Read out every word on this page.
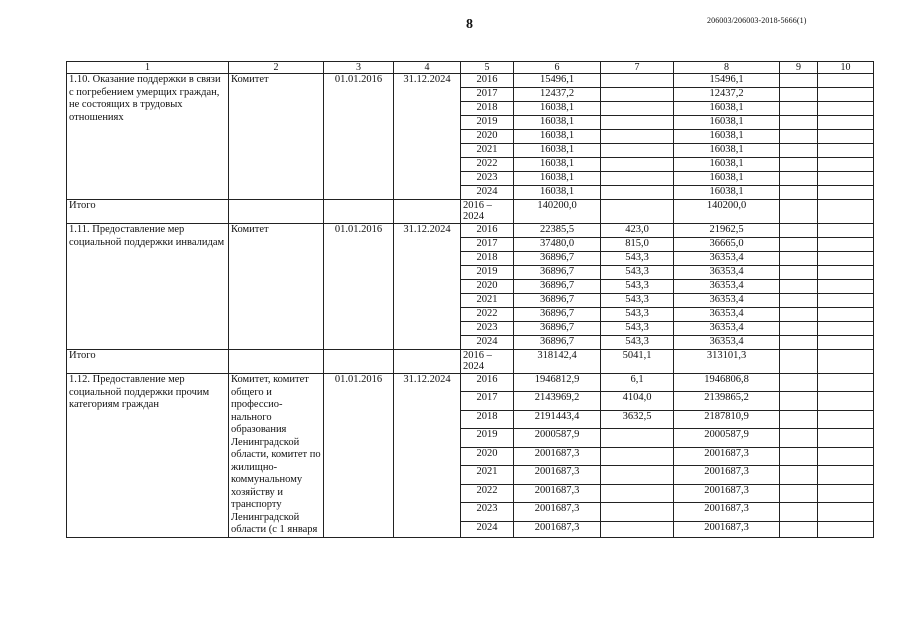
8	206003/206003-2018-5666(1)
1	2	3	4	5	6	7	8	9	10
1.10. Оказание поддержки в связи с погребением умерщих граждан, не состоящих в трудовых отношениях	Комитет	01.01.2016	31.12.2024	2016	15496,1		15496,1		
				2017	12437,2		12437,2		
				2018	16038,1		16038,1		
				2019	16038,1		16038,1		
				2020	16038,1		16038,1		
				2021	16038,1		16038,1		
				2022	16038,1		16038,1		
				2023	16038,1		16038,1		
				2024	16038,1		16038,1		
Итого				2016 – 2024	140200,0		140200,0		
1.11. Предоставление мер социальной поддержки инвалидам	Комитет	01.01.2016	31.12.2024	2016	22385,5	423,0	21962,5		
				2017	37480,0	815,0	36665,0		
				2018	36896,7	543,3	36353,4		
				2019	36896,7	543,3	36353,4		
				2020	36896,7	543,3	36353,4		
				2021	36896,7	543,3	36353,4		
				2022	36896,7	543,3	36353,4		
				2023	36896,7	543,3	36353,4		
				2024	36896,7	543,3	36353,4		
Итого				2016 – 2024	318142,4	5041,1	313101,3		
1.12. Предоставление мер социальной поддержки прочим категориям граждан	Комитет, комитет общего и профессио- нального образования Ленинградской области, комитет по жилищно- коммунальному хозяйству и транспорту Ленинградской области (с 1 января	01.01.2016	31.12.2024	2016	1946812,9	6,1	1946806,8		
				2017	2143969,2	4104,0	2139865,2		
				2018	2191443,4	3632,5	2187810,9		
				2019	2000587,9		2000587,9		
				2020	2001687,3		2001687,3		
				2021	2001687,3		2001687,3		
				2022	2001687,3		2001687,3		
				2023	2001687,3		2001687,3		
				2024	2001687,3		2001687,3		
